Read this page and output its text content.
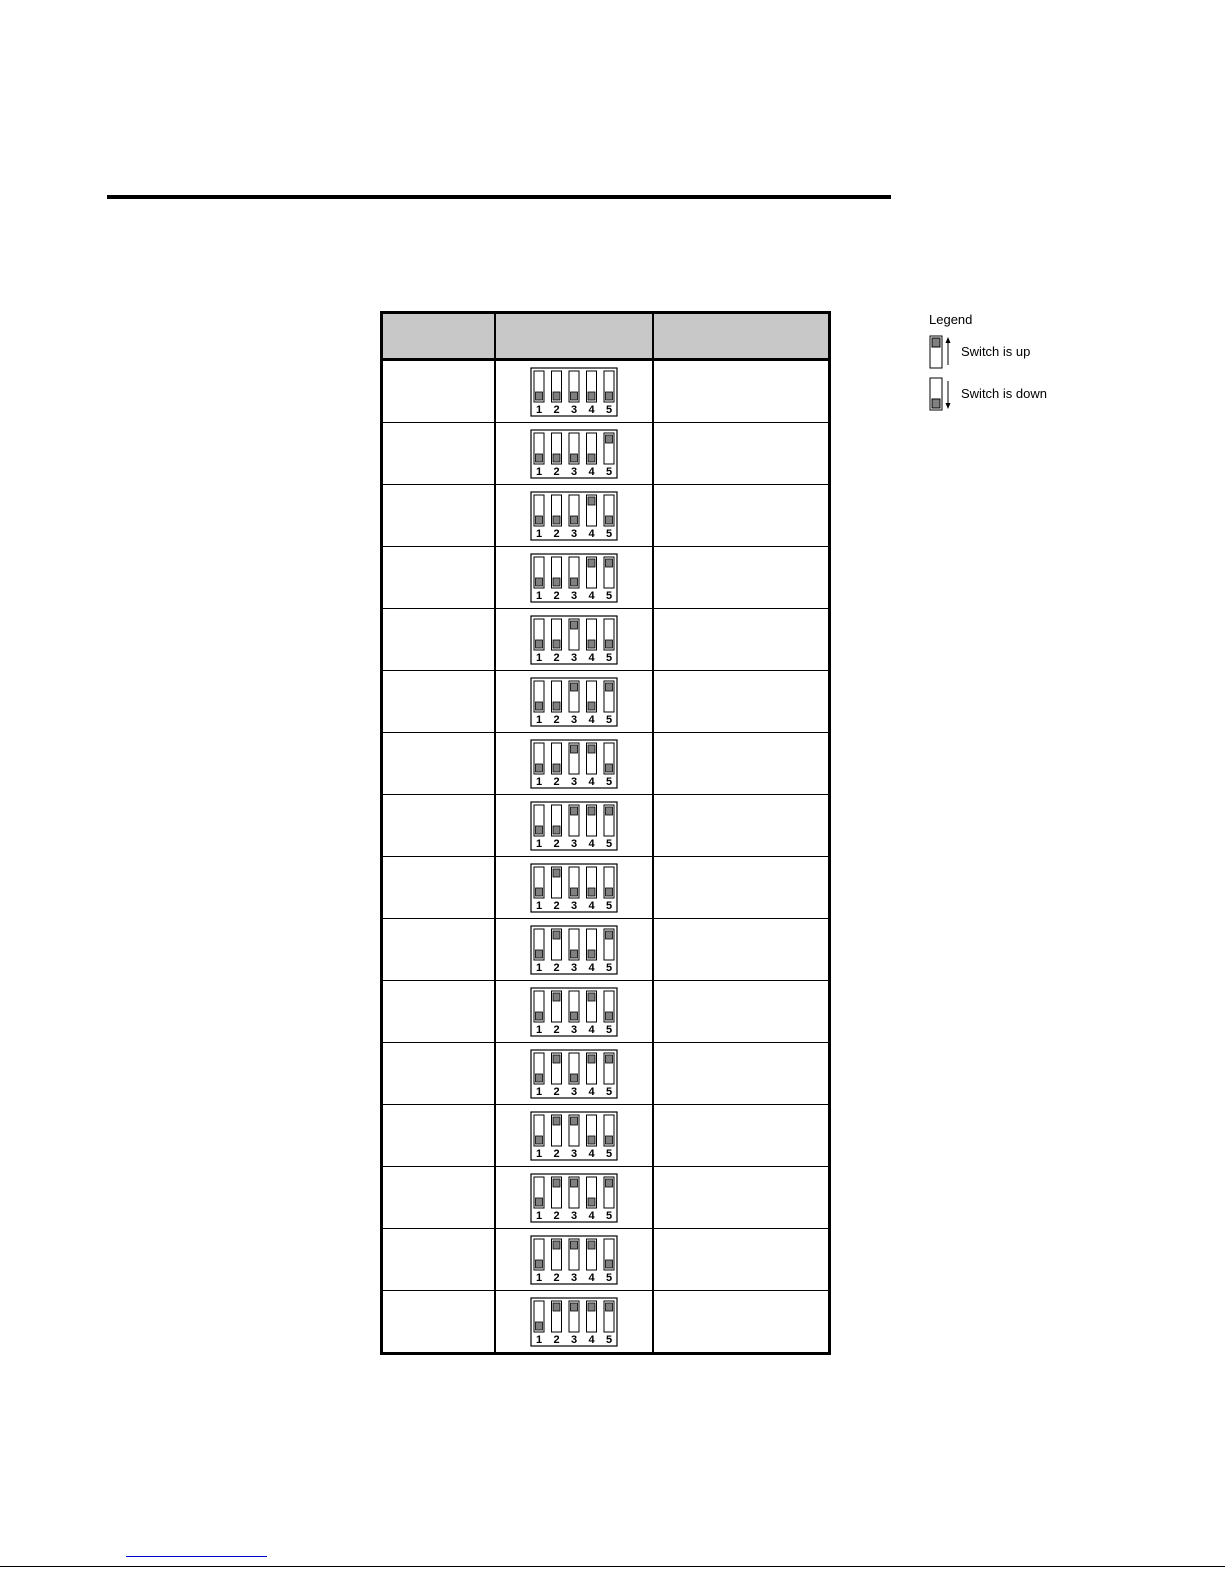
1 2 3 4 5	

1 2 3 4 5	

1 2 3 4 5	

1 2 3 4 5	

1 2 3 4 5	

1 2 3 4 5	

1 2 3 4 5	

1 2 3 4 5	

1 2 3 4 5	

1 2 3 4 5	

1 2 3 4 5	

1 2 3 4 5	

1 2 3 4 5	

1 2 3 4 5	

1 2 3 4 5	

1 2 3 4 5	

Legend
Switch is up
Switch is down
